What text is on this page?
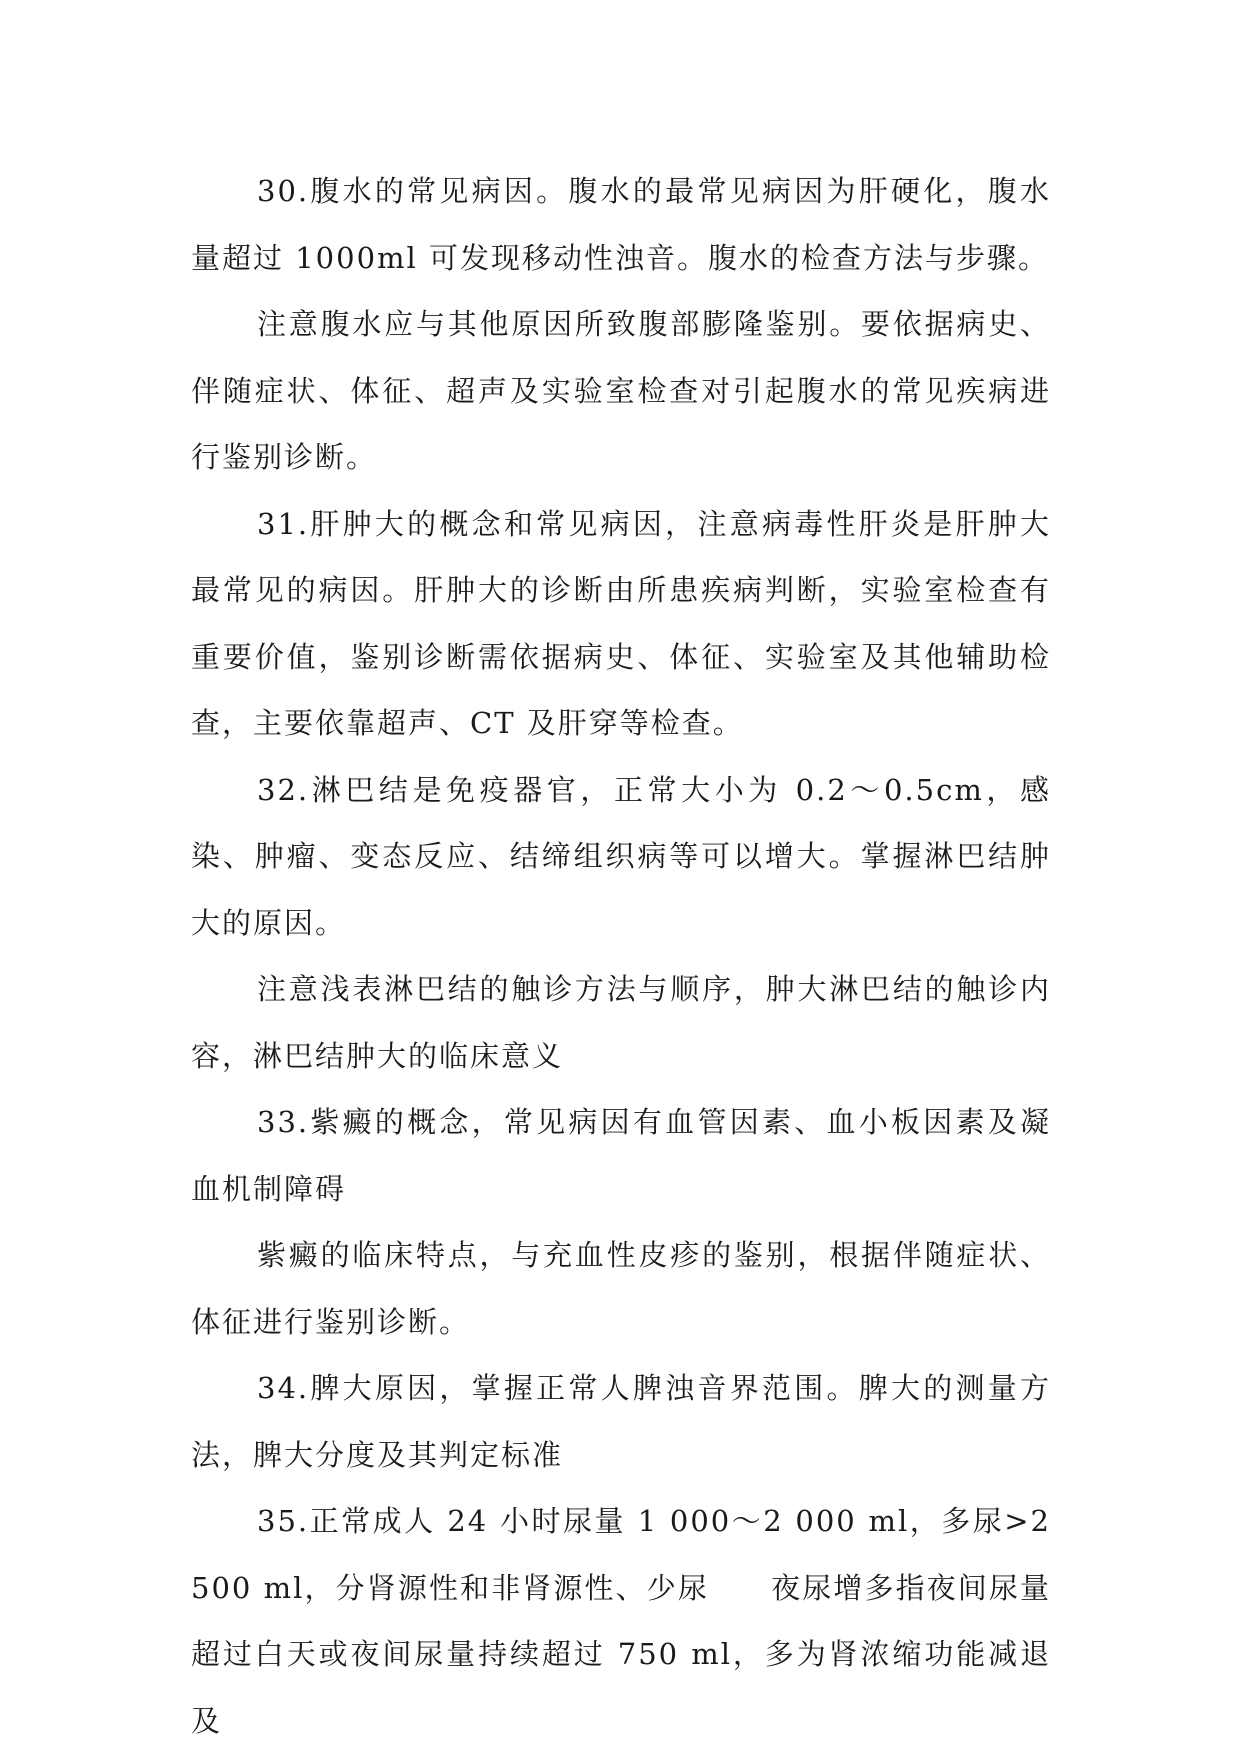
30.腹水的常见病因。腹水的最常见病因为肝硬化，腹水量超过 1000ml 可发现移动性浊音。腹水的检查方法与步骤。

注意腹水应与其他原因所致腹部膨隆鉴别。要依据病史、伴随症状、体征、超声及实验室检查对引起腹水的常见疾病进行鉴别诊断。

31.肝肿大的概念和常见病因，注意病毒性肝炎是肝肿大最常见的病因。肝肿大的诊断由所患疾病判断，实验室检查有重要价值，鉴别诊断需依据病史、体征、实验室及其他辅助检查，主要依靠超声、CT 及肝穿等检查。

32.淋巴结是免疫器官，正常大小为 0.2～0.5cm，感染、肿瘤、变态反应、结缔组织病等可以增大。掌握淋巴结肿大的原因。

注意浅表淋巴结的触诊方法与顺序，肿大淋巴结的触诊内容，淋巴结肿大的临床意义

33.紫癜的概念，常见病因有血管因素、血小板因素及凝血机制障碍

紫癜的临床特点，与充血性皮疹的鉴别，根据伴随症状、体征进行鉴别诊断。

34.脾大原因，掌握正常人脾浊音界范围。脾大的测量方法，脾大分度及其判定标准

35.正常成人 24 小时尿量 1 000～2 000 ml，多尿>2 500 ml，分肾源性和非肾源性、少尿　　夜尿增多指夜间尿量超过白天或夜间尿量持续超过 750 ml，多为肾浓缩功能减退及
